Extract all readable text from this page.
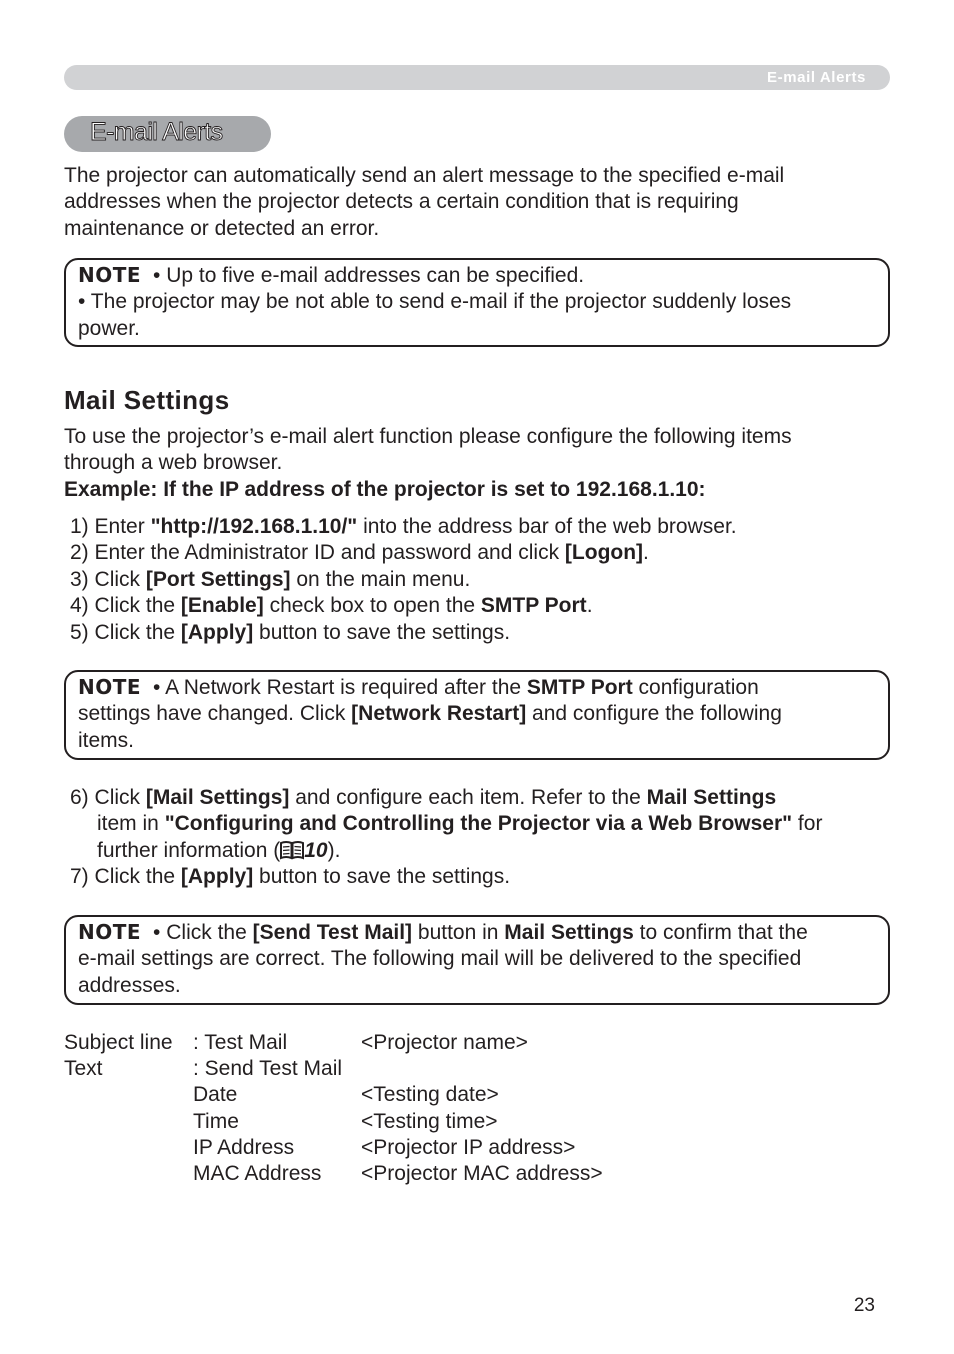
E-mail Alerts
E-mail Alerts
The projector can automatically send an alert message to the specified e-mail
addresses when the projector detects a certain condition that is requiring
maintenance or detected an error.
NOTE • Up to five e-mail addresses can be specified.
• The projector may be not able to send e-mail if the projector suddenly loses
power.
Mail Settings
To use the projector’s e-mail alert function please configure the following items
through a web browser.
Example: If the IP address of the projector is set to 192.168.1.10:
1) Enter "http://192.168.1.10/" into the address bar of the web browser.
2) Enter the Administrator ID and password and click [Logon].
3) Click [Port Settings] on the main menu.
4) Click the [Enable] check box to open the SMTP Port.
5) Click the [Apply] button to save the settings.
NOTE • A Network Restart is required after the SMTP Port configuration
settings have changed. Click [Network Restart] and configure the following
items.
6) Click [Mail Settings] and configure each item. Refer to the Mail Settings
item in "Configuring and Controlling the Projector via a Web Browser" for
further information ( 10).
7) Click the [Apply] button to save the settings.
NOTE • Click the [Send Test Mail] button in Mail Settings to confirm that the
e-mail settings are correct. The following mail will be delivered to the specified
addresses.
Subject line
Text
: Test Mail
: Send Test Mail
Date
Time
IP Address
MAC Address
<Projector name>
<Testing date>
<Testing time>
<Projector IP address>
<Projector MAC address>
23
